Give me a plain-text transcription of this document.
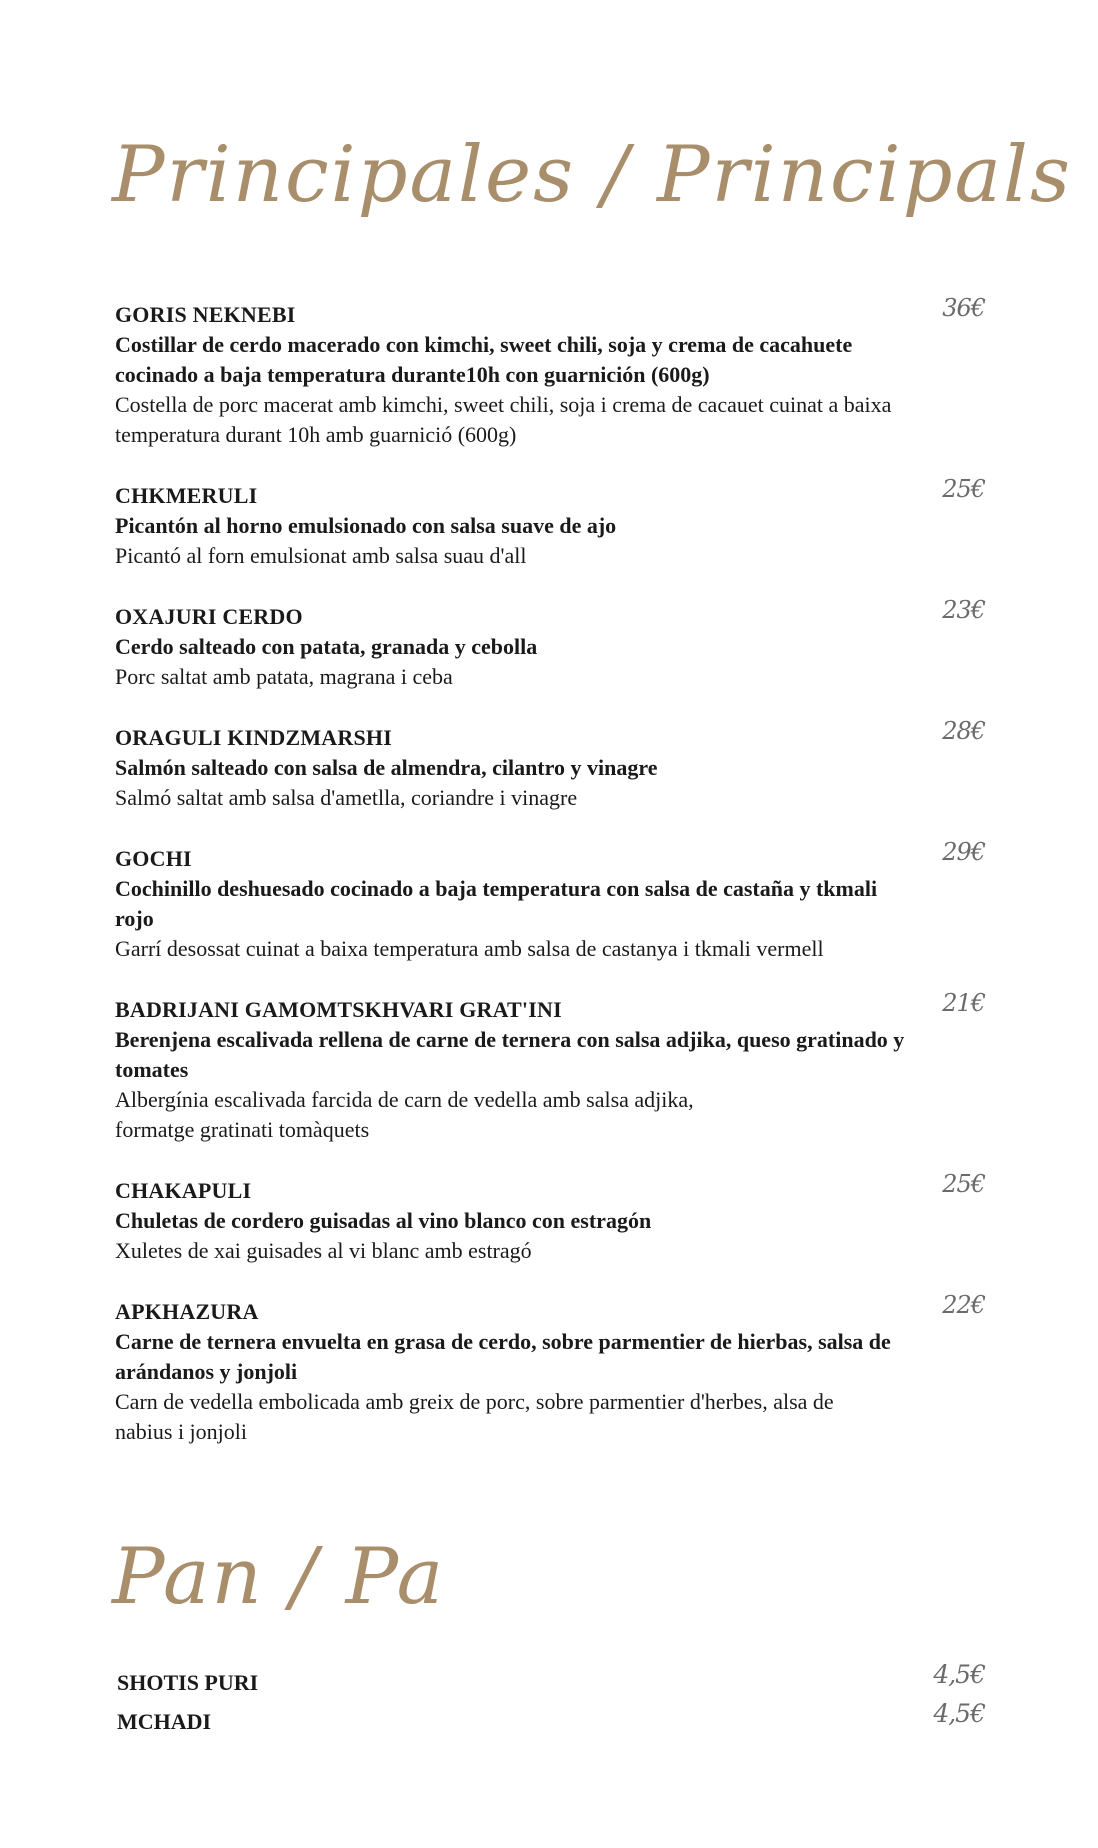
Principales / Principals
GORIS NEKNEBI
Costillar de cerdo macerado con kimchi, sweet chili, soja y crema de cacahuete cocinado a baja temperatura durante10h con guarnición (600g)
Costella de porc macerat amb kimchi, sweet chili, soja i crema de cacauet cuinat a baixa temperatura durant 10h amb guarnició (600g)
36€
CHKMERULI
Picantón al horno emulsionado con salsa suave de ajo
Picantó al forn emulsionat amb salsa suau d'all
25€
OXAJURI CERDO
Cerdo salteado con patata, granada y cebolla
Porc saltat amb patata, magrana i ceba
23€
ORAGULI KINDZMARSHI
Salmón salteado con salsa de almendra, cilantro y vinagre
Salmó saltat amb salsa d'ametlla, coriandre i vinagre
28€
GOCHI
Cochinillo deshuesado cocinado a baja temperatura con salsa de castaña y tkmali rojo
Garrí desossat cuinat a baixa temperatura amb salsa de castanya i tkmali vermell
29€
BADRIJANI GAMOMTSKHVARI GRAT'INI
Berenjena escalivada rellena de carne de ternera con salsa adjika, queso gratinado y tomates
Albergínia escalivada farcida de carn de vedella amb salsa adjika, formatge gratinati tomàquets
21€
CHAKAPULI
Chuletas de cordero guisadas al vino blanco con estragón
Xuletes de xai guisades al vi blanc amb estragó
25€
APKHAZURA
Carne de ternera envuelta en grasa de cerdo, sobre parmentier de hierbas, salsa de arándanos y jonjoli
Carn de vedella embolicada amb greix de porc, sobre parmentier d'herbes, alsa de nabius i jonjoli
22€
Pan / Pa
SHOTIS PURI	4,5€
MCHADI	4,5€
